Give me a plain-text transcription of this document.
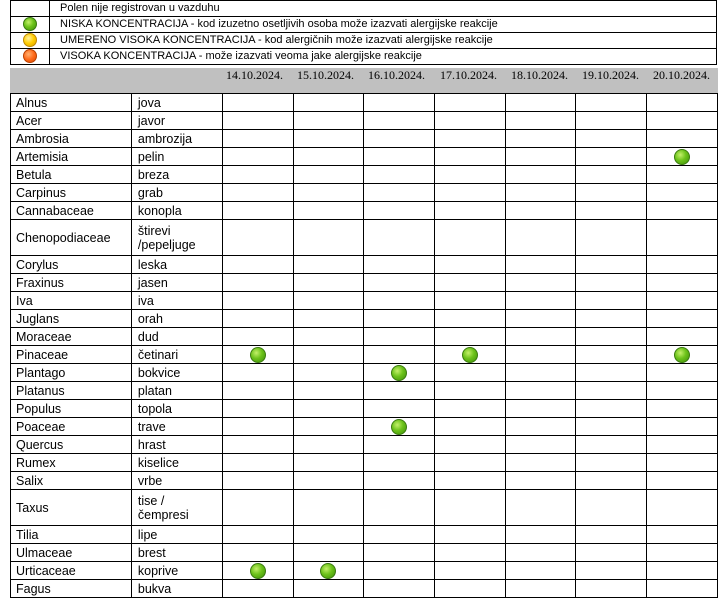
	Polen nije registrovan u vazduhu
	NISKA KONCENTRACIJA - kod izuzetno osetljivih osoba može izazvati alergijske reakcije
	UMERENO VISOKA KONCENTRACIJA - kod alergičnih može izazvati alergijske reakcije
	VISOKA KONCENTRACIJA - može izazvati veoma jake alergijske reakcije
14.10.2024. 15.10.2024. 16.10.2024. 17.10.2024. 18.10.2024. 19.10.2024. 20.10.2024.
Alnus	jova							
Acer	javor							
Ambrosia	ambrozija							
Artemisia	pelin							

Betula	breza							
Carpinus	grab							
Cannabaceae	konopla							
Chenopodiaceae	štirevi
/pepeljuge							
Corylus	leska							
Fraxinus	jasen							
Iva	iva							
Juglans	orah							
Moraceae	dud							
Pinaceae	četinari	

Plantago	bokvice			

Platanus	platan							
Populus	topola							
Poaceae	trave			

Quercus	hrast							
Rumex	kiselice							
Salix	vrbe							
Taxus	tise /
čempresi							
Tilia	lipe							
Ulmaceae	brest							
Urticaceae	koprive	

Fagus	bukva							
